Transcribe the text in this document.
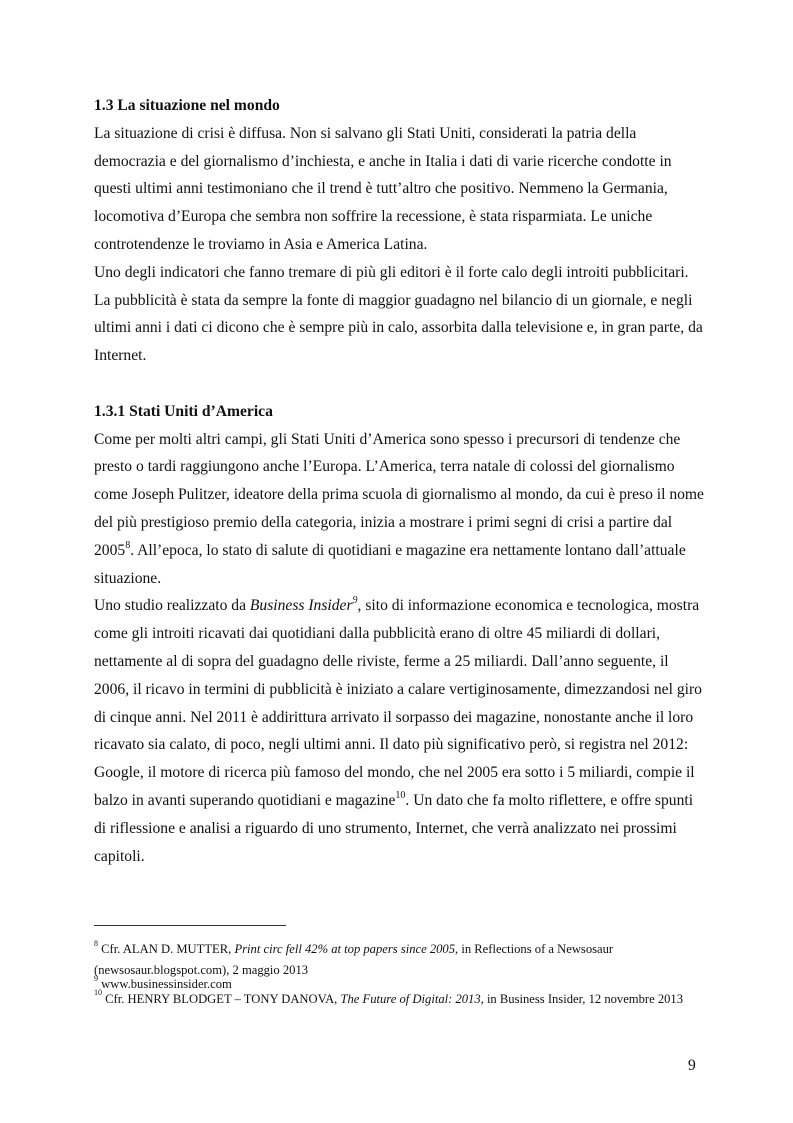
1.3 La situazione nel mondo

La situazione di crisi è diffusa. Non si salvano gli Stati Uniti, considerati la patria della democrazia e del giornalismo d’inchiesta, e anche in Italia i dati di varie ricerche condotte in questi ultimi anni testimoniano che il trend è tutt’altro che positivo. Nemmeno la Germania, locomotiva d’Europa che sembra non soffrire la recessione, è stata risparmiata. Le uniche controtendenze le troviamo in Asia e America Latina.

Uno degli indicatori che fanno tremare di più gli editori è il forte calo degli introiti pubblicitari. La pubblicità è stata da sempre la fonte di maggior guadagno nel bilancio di un giornale, e negli ultimi anni i dati ci dicono che è sempre più in calo, assorbita dalla televisione e, in gran parte, da Internet.

1.3.1 Stati Uniti d’America

Come per molti altri campi, gli Stati Uniti d’America sono spesso i precursori di tendenze che presto o tardi raggiungono anche l’Europa. L’America, terra natale di colossi del giornalismo come Joseph Pulitzer, ideatore della prima scuola di giornalismo al mondo, da cui è preso il nome del più prestigioso premio della categoria, inizia a mostrare i primi segni di crisi a partire dal 2005$^8$. All’epoca, lo stato di salute di quotidiani e magazine era nettamente lontano dall’attuale situazione.

Uno studio realizzato da Business Insider$^9$, sito di informazione economica e tecnologica, mostra come gli introiti ricavati dai quotidiani dalla pubblicità erano di oltre 45 miliardi di dollari, nettamente al di sopra del guadagno delle riviste, ferme a 25 miliardi. Dall’anno seguente, il 2006, il ricavo in termini di pubblicità è iniziato a calare vertiginosamente, dimezzandosi nel giro di cinque anni. Nel 2011 è addirittura arrivato il sorpasso dei magazine, nonostante anche il loro ricavato sia calato, di poco, negli ultimi anni. Il dato più significativo però, si registra nel 2012: Google, il motore di ricerca più famoso del mondo, che nel 2005 era sotto i 5 miliardi, compie il balzo in avanti superando quotidiani e magazine$^{10}$. Un dato che fa molto riflettere, e offre spunti di riflessione e analisi a riguardo di uno strumento, Internet, che verrà analizzato nei prossimi capitoli.

$^8$ Cfr. ALAN D. MUTTER, Print circ fell 42% at top papers since 2005, in Reflections of a Newsosaur

(newsosaur.blogspot.com), 2 maggio 2013

$^9$ www.businessinsider.com

$^{10}$ Cfr. HENRY BLODGET – TONY DANOVA, The Future of Digital: 2013, in Business Insider, 12 novembre 2013

9
